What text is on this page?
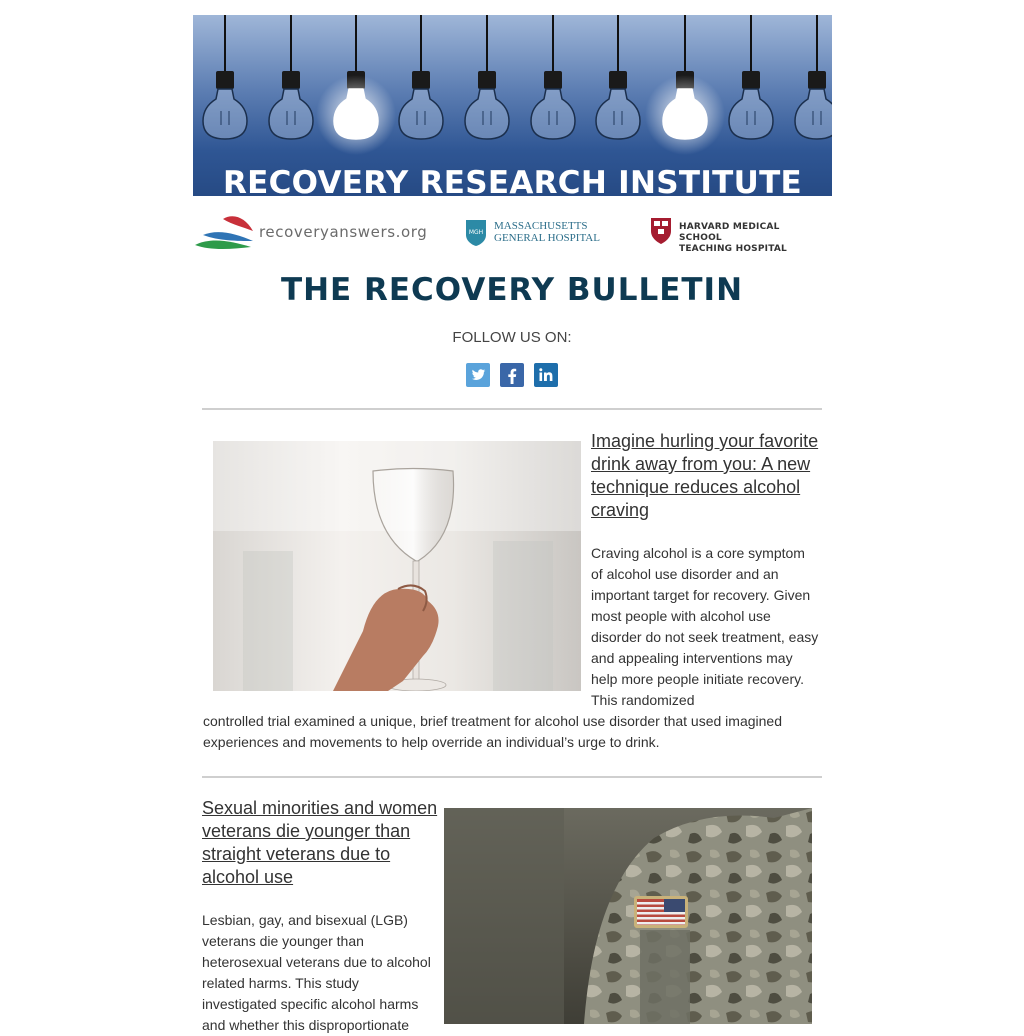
RECOVERY RESEARCH INSTITUTE
recoveryanswers.org	MGH
MASSACHUSETTS
GENERAL HOSPITAL
HARVARD MEDICAL SCHOOL
TEACHING HOSPITAL
THE RECOVERY BULLETIN
FOLLOW US ON:
Imagine hurling your favorite drink away from you: A new technique reduces alcohol craving
Craving alcohol is a core symptom of alcohol use disorder and an important target for recovery. Given most people with alcohol use disorder do not seek treatment, easy and appealing interventions may help more people initiate recovery. This randomized
controlled trial examined a unique, brief treatment for alcohol use disorder that used imagined experiences and movements to help override an individual’s urge to drink.
Sexual minorities and women veterans die younger than straight veterans due to alcohol use
Lesbian, gay, and bisexual (LGB) veterans die younger than heterosexual veterans due to alcohol related harms. This study investigated specific alcohol harms and whether this disproportionate
